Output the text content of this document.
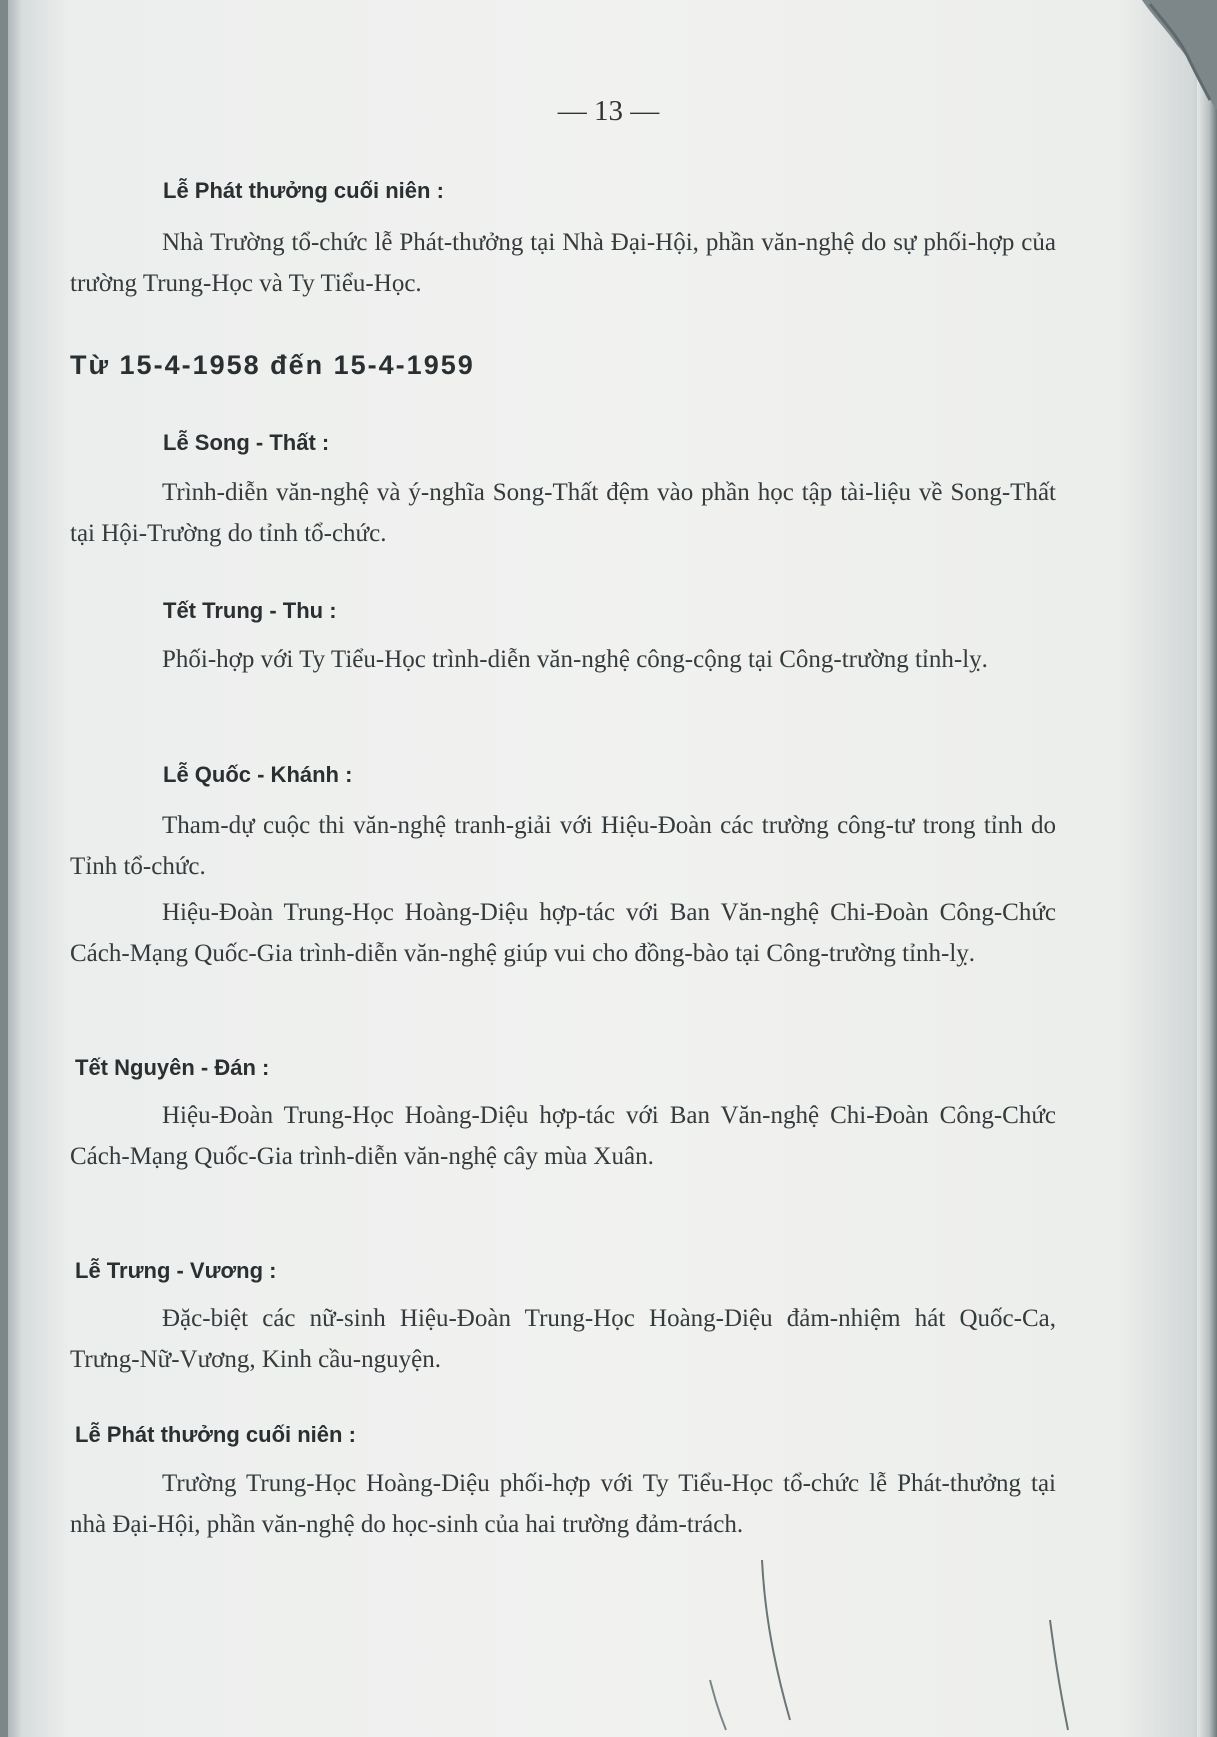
— 13 —
Lễ Phát thưởng cuối niên :

Nhà Trường tổ-chức lễ Phát-thưởng tại Nhà Đại-Hội, phần văn-nghệ do sự phối-hợp của trường Trung-Học và Ty Tiểu-Học.

Từ 15-4-1958 đến 15-4-1959
Lễ Song - Thất :

Trình-diễn văn-nghệ và ý-nghĩa Song-Thất đệm vào phần học tập tài-liệu về Song-Thất tại Hội-Trường do tỉnh tổ-chức.

Tết Trung - Thu :

Phối-hợp với Ty Tiểu-Học trình-diễn văn-nghệ công-cộng tại Công-trường tỉnh-lỵ.

Lễ Quốc - Khánh :

Tham-dự cuộc thi văn-nghệ tranh-giải với Hiệu-Đoàn các trường công-tư trong tỉnh do Tỉnh tổ-chức.

Hiệu-Đoàn Trung-Học Hoàng-Diệu hợp-tác với Ban Văn-nghệ Chi-Đoàn Công-Chức Cách-Mạng Quốc-Gia trình-diễn văn-nghệ giúp vui cho đồng-bào tại Công-trường tỉnh-lỵ.

Tết Nguyên - Đán :

Hiệu-Đoàn Trung-Học Hoàng-Diệu hợp-tác với Ban Văn-nghệ Chi-Đoàn Công-Chức Cách-Mạng Quốc-Gia trình-diễn văn-nghệ cây mùa Xuân.

Lễ Trưng - Vương :

Đặc-biệt các nữ-sinh Hiệu-Đoàn Trung-Học Hoàng-Diệu đảm-nhiệm hát Quốc-Ca, Trưng-Nữ-Vương, Kinh cầu-nguyện.

Lễ Phát thưởng cuối niên :

Trường Trung-Học Hoàng-Diệu phối-hợp với Ty Tiểu-Học tổ-chức lễ Phát-thưởng tại nhà Đại-Hội, phần văn-nghệ do học-sinh của hai trường đảm-trách.
